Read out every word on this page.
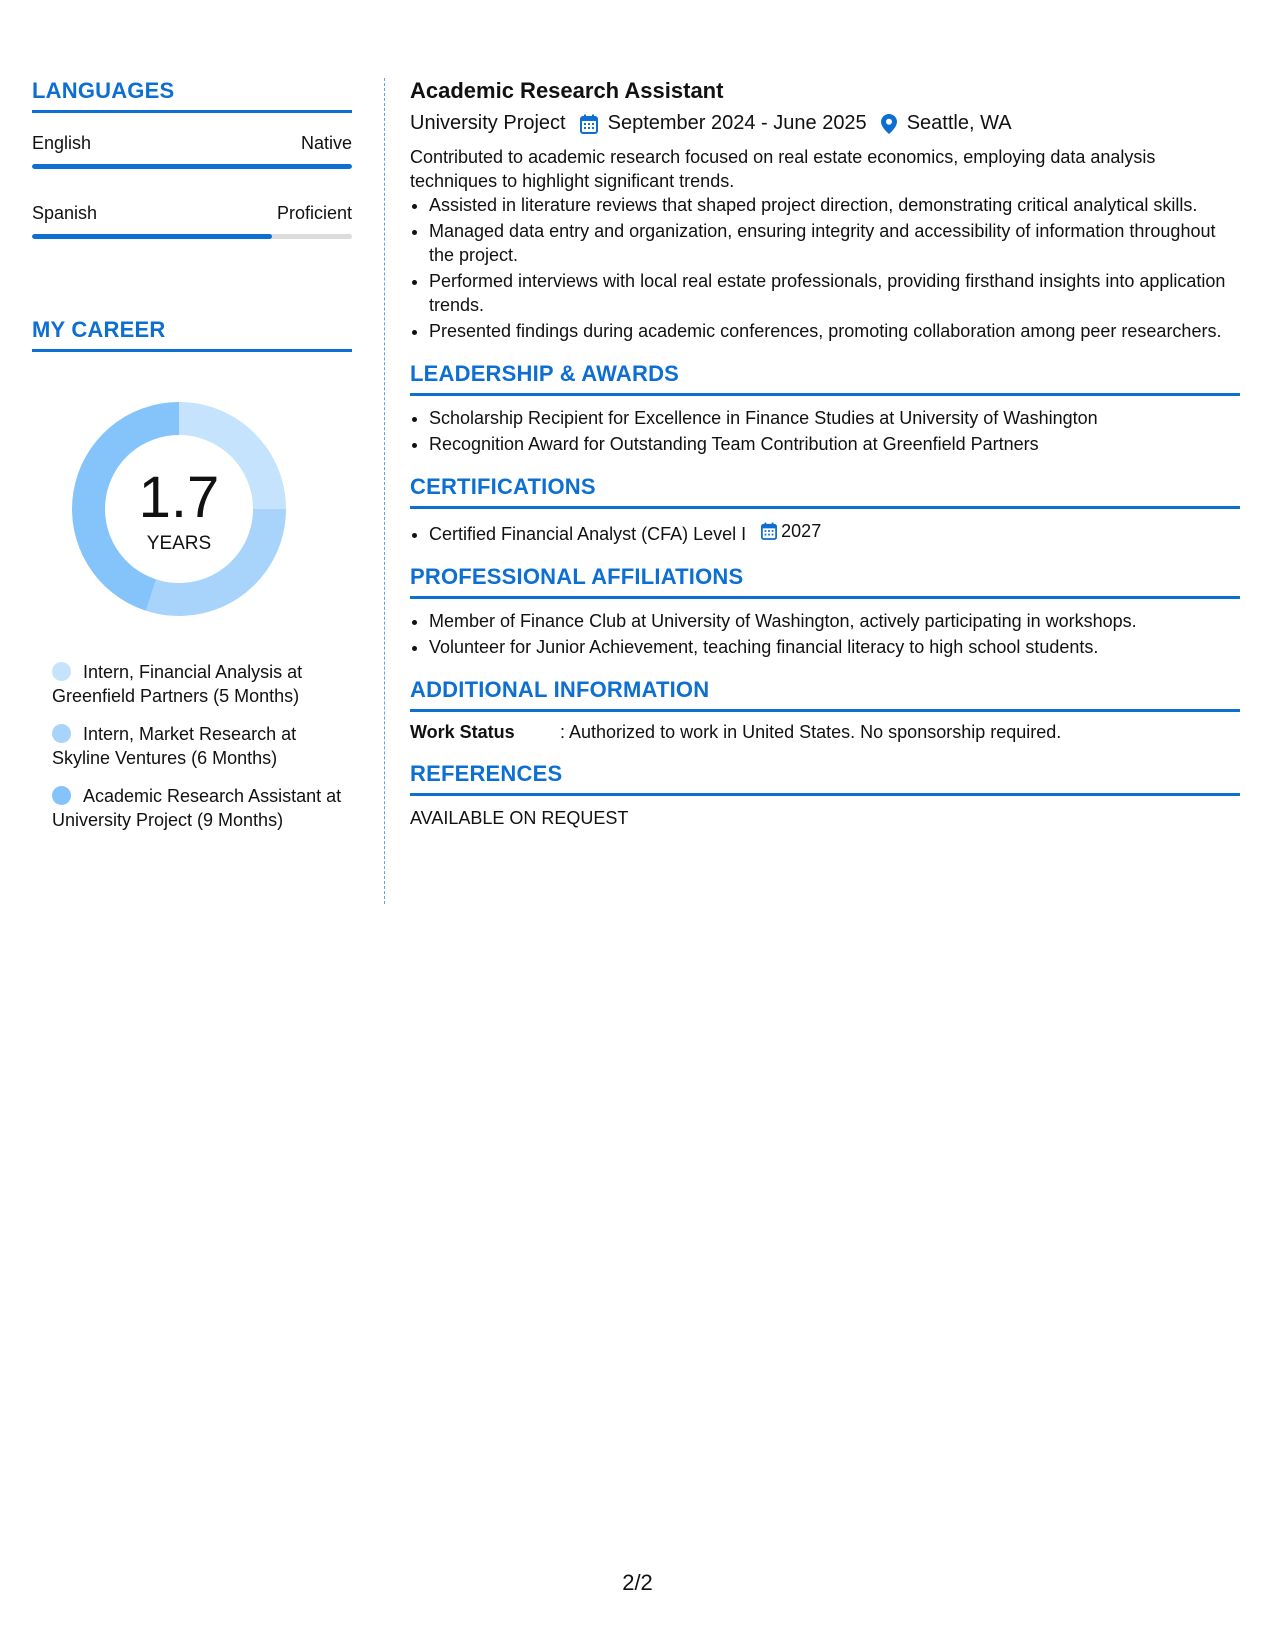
LANGUAGES
English	Native
Spanish	Proficient
MY CAREER
1.7
YEARS
Intern, Financial Analysis at Greenfield Partners (5 Months)
Intern, Market Research at Skyline Ventures (6 Months)
Academic Research Assistant at University Project (9 Months)
Academic Research Assistant
University Project September 2024 - June 2025 Seattle, WA
Contributed to academic research focused on real estate economics, employing data analysis techniques to highlight significant trends.
• Assisted in literature reviews that shaped project direction, demonstrating critical analytical skills.
• Managed data entry and organization, ensuring integrity and accessibility of information throughout the project.
• Performed interviews with local real estate professionals, providing firsthand insights into application trends.
• Presented findings during academic conferences, promoting collaboration among peer researchers.
LEADERSHIP & AWARDS
• Scholarship Recipient for Excellence in Finance Studies at University of Washington
• Recognition Award for Outstanding Team Contribution at Greenfield Partners
CERTIFICATIONS
• Certified Financial Analyst (CFA) Level I 2027
PROFESSIONAL AFFILIATIONS
• Member of Finance Club at University of Washington, actively participating in workshops.
• Volunteer for Junior Achievement, teaching financial literacy to high school students.
ADDITIONAL INFORMATION
Work Status	: Authorized to work in United States. No sponsorship required.
REFERENCES
AVAILABLE ON REQUEST
2/2
